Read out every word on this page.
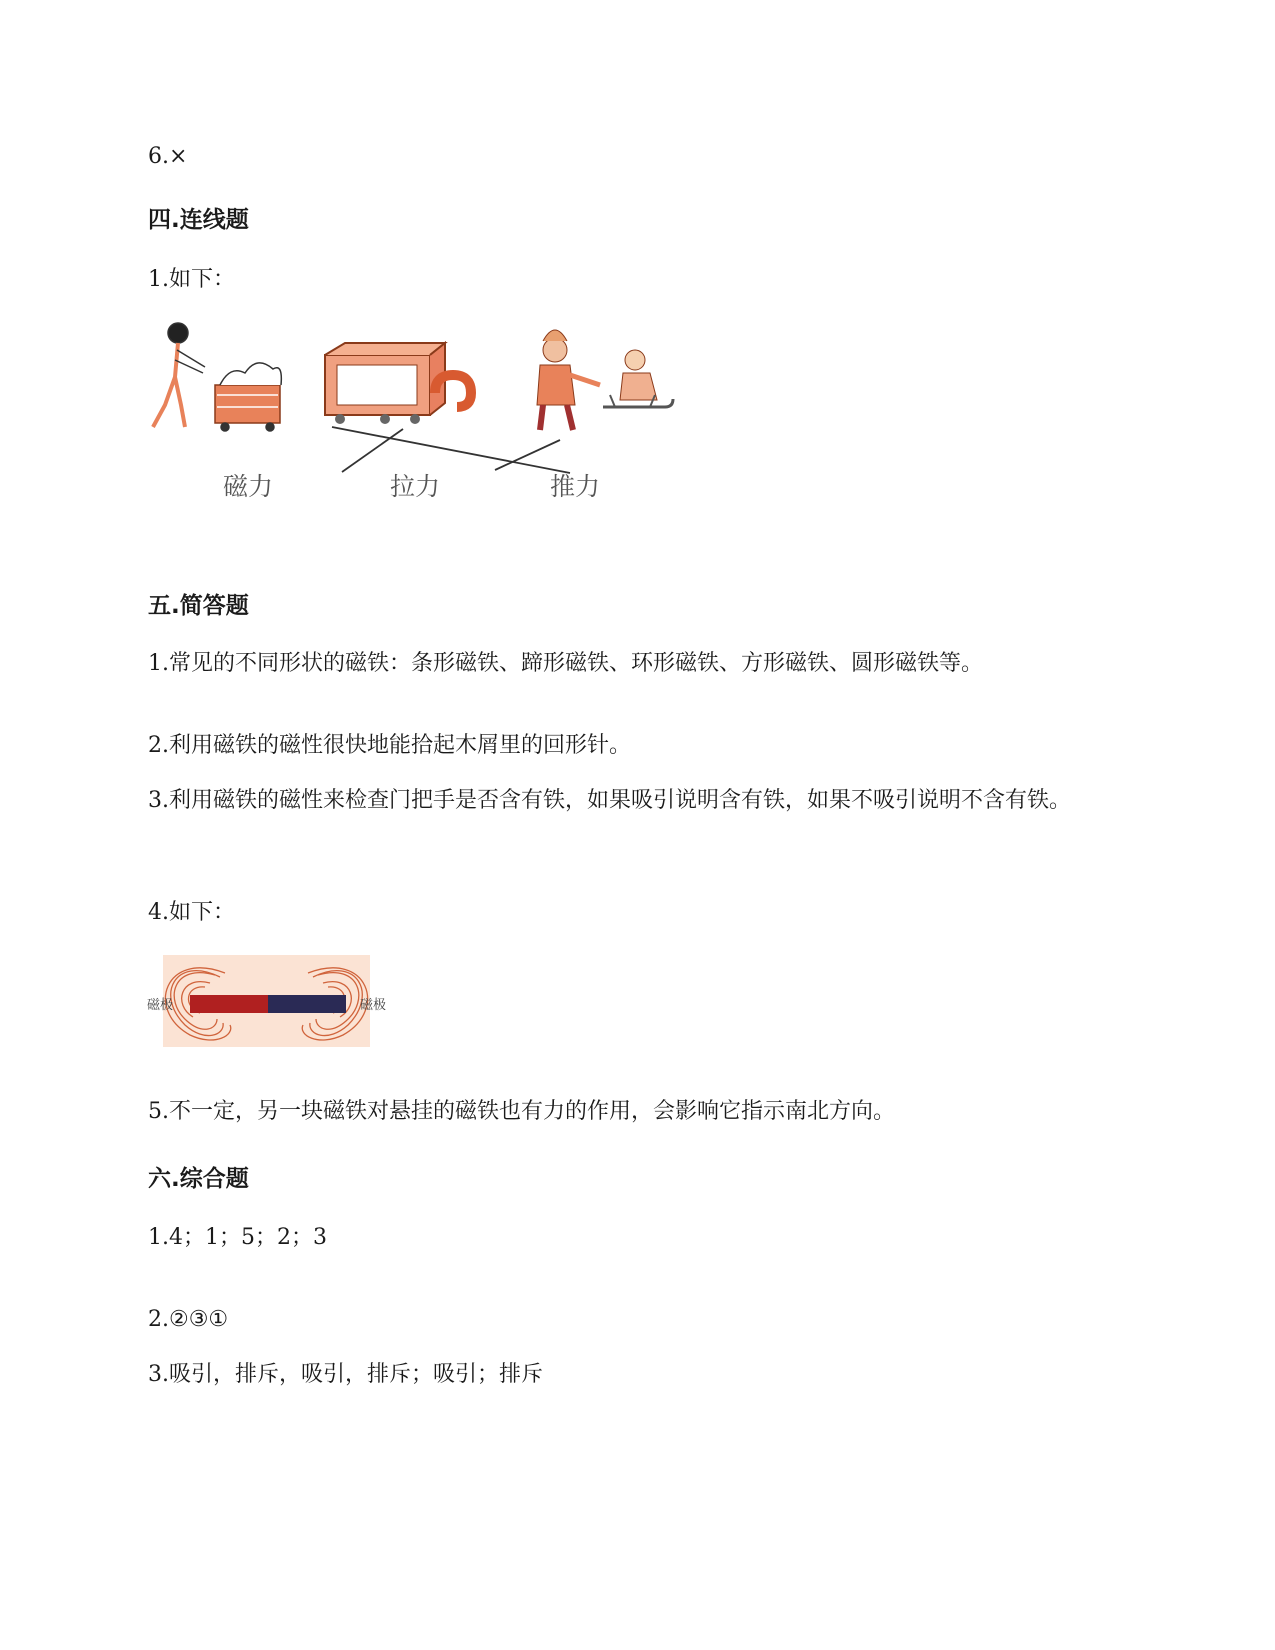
6.×
四.连线题
1.如下：
磁力	拉力	推力
五.简答题
1.常见的不同形状的磁铁：条形磁铁、蹄形磁铁、环形磁铁、方形磁铁、圆形磁铁等。
2.利用磁铁的磁性很快地能拾起木屑里的回形针。
3.利用磁铁的磁性来检查门把手是否含有铁，如果吸引说明含有铁，如果不吸引说明不含有铁。
4.如下：
磁极	磁极
5.不一定，另一块磁铁对悬挂的磁铁也有力的作用，会影响它指示南北方向。
六.综合题
1.4；1；5；2；3
2.②③①
3.吸引，排斥，吸引，排斥；吸引；排斥
